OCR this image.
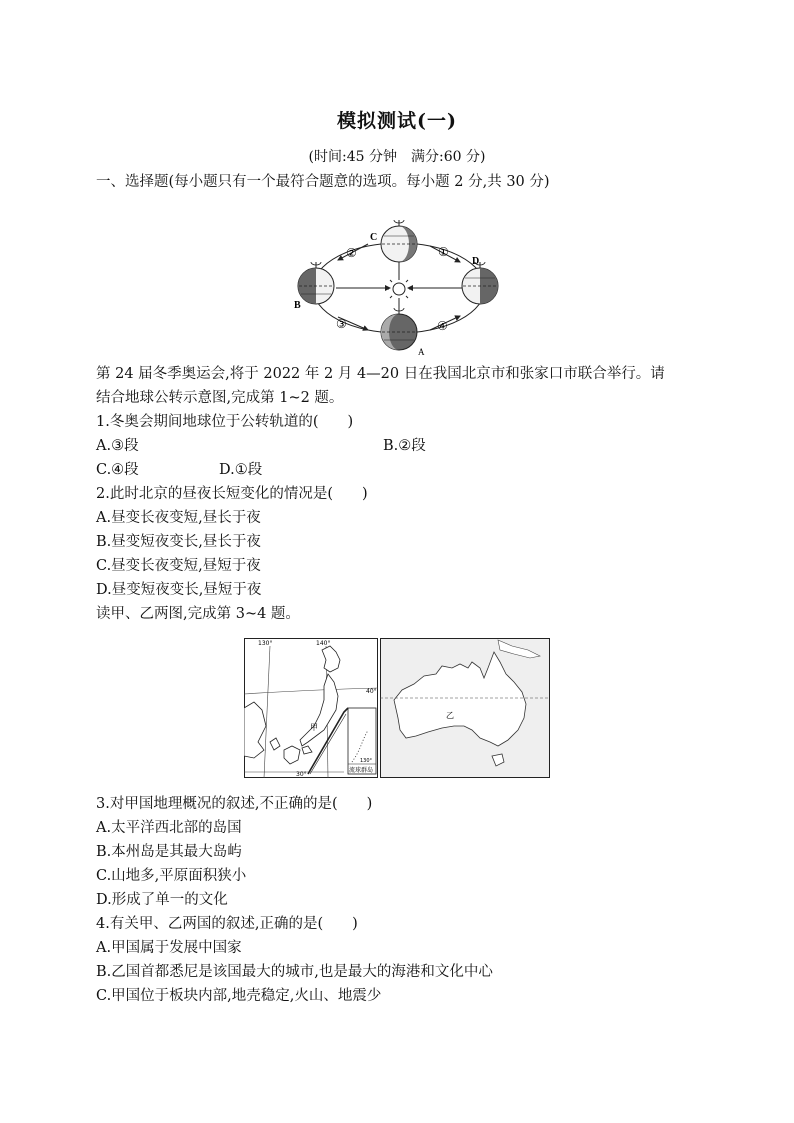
模拟测试(一)
(时间:45 分钟　满分:60 分)
一、选择题(每小题只有一个最符合题意的选项。每小题 2 分,共 30 分)
C
D
B
A
①
②
③	④
第 24 届冬季奥运会,将于 2022 年 2 月 4—20 日在我国北京市和张家口市联合举行。请
结合地球公转示意图,完成第 1~2 题。
1.冬奥会期间地球位于公转轨道的(　　)
A.③段	B.②段
C.④段	D.①段
2.此时北京的昼夜长短变化的情况是(　　)
A.昼变长夜变短,昼长于夜
B.昼变短夜变长,昼长于夜
C.昼变长夜变短,昼短于夜
D.昼变短夜变长,昼短于夜
读甲、乙两图,完成第 3~4 题。
130°	140°
40°
30°
130°
流球群岛
甲
乙
3.对甲国地理概况的叙述,不正确的是(　　)
A.太平洋西北部的岛国
B.本州岛是其最大岛屿
C.山地多,平原面积狭小
D.形成了单一的文化
4.有关甲、乙两国的叙述,正确的是(　　)
A.甲国属于发展中国家
B.乙国首都悉尼是该国最大的城市,也是最大的海港和文化中心
C.甲国位于板块内部,地壳稳定,火山、地震少
